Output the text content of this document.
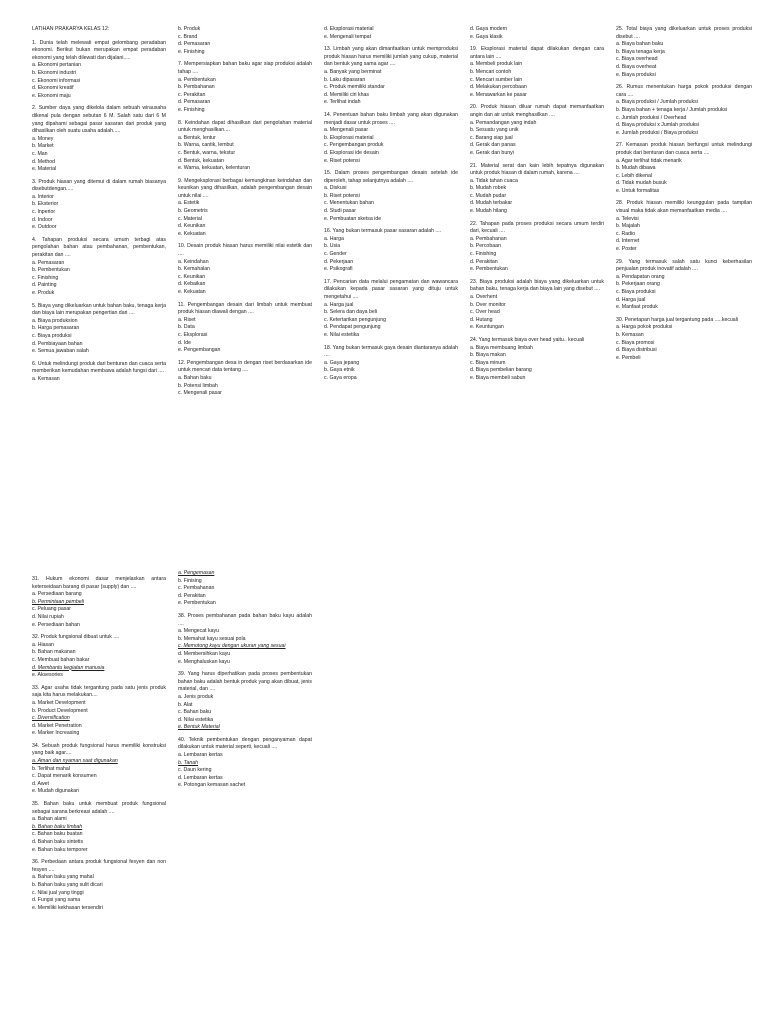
LATIHAN PRAKARYA KELAS 12:
1. Dunia telah melewati empat gelombang peradaban ekonomi. Berikut bukan merupakan empat peradaban ekonomi yang telah dilewati dan dijalani.....
a. Ekonomi pertanian
b. Ekonomi industri
c. Ekonomi informasi
d. Ekonomi kreatif
e. Ekonomi maju
2. Sumber daya yang dikelola dalam sebuah wirausaha dikenal pula dengan sebutan 6 M. Salah satu dari 6 M yang dipahami sebagai pasar sasaran dari produk yang dihasilkan oleh suatu usaha adalah.....
a. Money
b. Market
c. Man
d. Method
e. Material
3. Produk hiasan yang ditemui di dalam rumah biasanya disebutdengan.....
a. Interior
b. Eksterior
c. Inperior
d. Indoor
e. Outdoor
4. Tahapan produksi secara umum terbagi atas pengolahan bahan atau pembahanan, pembentukan, perakitan dan ....
a. Pemasaran
b. Pembentukan
c. Finishing
d. Painting
e. Produk
5. Biaya yang dikeluarkan untuk bahan baku, tenaga kerja dan biaya lain merupakan pengertian dari ....
a. Biaya produksion
b. Harga pemasaran
c. Biaya produksi
d. Pembiayaan bahan
e. Semua jawaban salah
6. Untuk melindungi produk dari benturan dan cuaca serta memberikan kemudahan membawa adalah fungsi dari ....
a. Kemasan
b. Produk
c. Brand
d. Pemasaran
e. Finishing
7. Mempersiapkan bahan baku agar siap produksi adalah tahap ....
a. Pembentukan
b. Pembahanan
c. Perakitan
d. Pemasaran
e. Finishing
8. Keindahan dapat dihasilkan dari pengolahan material untuk menghasilkan....
a. Bentuk, lentur
b. Warna, cantik, lembut
c. Bentuk, warna, tekstur
d. Bentuk, kekuatan
e. Warna, kekuatan, kelenturan
9. Mengeksplorasi berbagai kemungkinan keindahan dan keunikan yang dihasilkan, adalah pengembangan desain untuk nilai ....
a. Estetik
b. Geometris
c. Material
d. Keunikan
e. Kekuatan
10. Desain produk hiasan harus memiliki nilai estetik dan ....
a. Keindahan
b. Kemahalan
c. Keunikan
d. Kebaikan
e. Kekuatan
11. Pengembangan desain dari limbah untuk membuat produk hiasan diawali dengan ....
a. Riset
b. Data
c. Eksplorasi
d. Ide
e. Pengembangan
12. Pengembangan desa in dengan riset berdasarkan ide untuk mencari data tentang ....
a. Bahan baku
b. Potensi limbah
c. Mengenali pasar
d. Eksplorasi material
e. Mengenali tempat
13. Limbah yang akan dimanfaatkan untuk memproduksi produk hiasan harus memiliki jumlah yang cukup, material dan bentuk yang sama agar ....
a. Banyak yang berminat
b. Laku dipasaran
c. Produk memiliki standar
d. Memiliki ciri khas
e. Terlihat indah
14. Penentuan bahan baku limbah yang akan digunakan menjadi dasar untuk proses ....
a. Mengenali pasar
b. Eksplorasi material
c. Pengembangan produk
d. Eksplorasi ide desain
e. Riset potensi
15. Dalam proses pengembangan desain setelah ide diperoleh, tahap selanjutnya adalah ....
a. Diskusi
b. Riset potensi
c. Menentukan bahan
d. Studi pasar
e. Pembuatan sketsa ide
16. Yang bukan termasuk pasar sasaran adalah ....
a. Harga
b. Usia
c. Gender
d. Pekerjaan
e. Psikografi
17. Pencarian data melalui pengamatan dan wawancara dilakukan kepada pasar sasaran yang dituju untuk mengetahui ....
a. Harga jual
b. Selera dan daya beli
c. Ketertarikan pengunjung
d. Pendapat pengunjung
e. Nilai estetika
18. Yang bukan termasuk gaya desain diantaranya adalah ....
a. Gaya jepang
b. Gaya etnik
c. Gaya eropa
d. Gaya modern
e. Gaya klasik
19. Eksplorasi material dapat dilakukan dengan cara antara lain ....
a. Membeli produk lain
b. Mencari contoh
c. Mencari sumber lain
d. Melakukan percobaan
e. Menawarkan ke pasar
20. Produk hiasan diluar rumah dapat memanfaatkan angin dan air untuk menghasilkan ....
a. Pemandangan yang indah
b. Sesuatu yang unik
c. Barang siap jual
d. Gerak dan panas
e. Gerak dan bunyi
21. Material serat dan kain lebih tepatnya digunakan untuk produk hiasan di dalam rumah, karena ....
a. Tidak tahan cuaca
b. Mudah robek
c. Mudah pudar
d. Mudah terbakar
e. Mudah hilang
22. Tahapan pada proses produksi secara umum terdiri dari, kecuali ....
a. Pembahanan
b. Percobaan
c. Finishing
d. Perakitan
e. Pembentukan
23. Biaya produksi adalah biaya yang dikeluarkan untuk bahan baku, tenaga kerja dan biaya lain yang disebut ....
a. Overhent
b. Over monitor
c. Over head
d. Hutang
e. Keuntungan
24. Yang termasuk biaya over head yaitu.. kecuali
a. Biaya membuang limbah
b. Biaya makan
c. Biaya minum
d. Biaya pembelian barang
e. Biaya membeli sabun
25. Total biaya yang dikeluarkan untuk proses produksi disebut ....
a. Biaya bahan baku
b. Biaya tenaga kerja
c. Biaya overhead
d. Biaya overheat
e. Biaya produksi
26. Rumus menentukan harga pokok produksi dengan cara ....
a. Biaya produksi / Jumlah produksi
b. Biaya bahan + tenaga kerja / Jumlah produksi
c. Jumlah produksi / Overhead
d. Biaya produksi x Jumlah produksi
e. Jumlah produksi / Biaya produksi
27. Kemasan produk hiasan berfungsi untuk melindungi produk dari benturan dan cuaca serta ....
a. Agar terlihat tidak menarik
b. Mudah dibawa
c. Lebih dikenal
d. Tidak mudah busuk
e. Untuk formalitas
28. Produk hiasan memiliki keunggulan pada tampilan visual maka tidak akan memanfaatkan media ....
a. Televisi
b. Majalah
c. Radio
d. Internet
e. Poster
29. Yang termasuk salah satu kunci keberhasilan penjualan produk inovatif adalah ....
a. Pendapatan orang
b. Pekerjaan orang
c. Biaya produksi
d. Harga jual
e. Manfaat produk
30. Penetapan harga jual tergantung pada .....kecuali
a. Harga pokok produksi
b. Kemasan
c. Biaya promosi
d. Biaya distribusi
e. Pembeli
31. Hukum ekonomi dasar menjelaskan antara keterseidaan barang di pasar (supply) dan ....
a. Persediaan barang
b. Permintaan pembeli
c. Peluang pasar
d. Nilai rupiah
e. Persediaan bahan
32. Produk fungsional dibuat untuk ....
a. Hiasan
b. Bahan makanan
c. Membuat bahan bakar
d. Membantu kegiatan manusia
e. Aksesories
33. Agar usaha tidak tergantung pada satu jenis produk saja kita harus melakukan....
a. Market Development
b. Product Development
c. Diversification
d. Market Penetration
e. Marker Increasing
34. Sebuah produk fungsional harus memiliki konstruksi yang baik agar....
a. Aman dan nyaman saat digunakan
b. Terlihat mahal
c. Dapat menarik konsumen
d. Awet
e. Mudah digunakan
35. Bahan baku untuk membuat produk fungsional sebagai sarana berkreasi adalah ....
a. Bahan alami
b. Bahan baku limbah
c. Bahan baku buatan
d. Bahan baku sintetis
e. Bahan baku temporer
36. Perbedaan antara produk fungsional fesyen dan non fesyen ....
a. Bahan baku yang mahal
b. Bahan baku yang sulit dicari
c. Nilai jual yang tinggi
d. Fungsi yang sama
e. Memiliki kekhasan tersendiri
a. Pengemasan
b. Finising
c. Pembahanan
d. Perakitan
e. Pembentukan
38. Proses pembahanan pada bahan baku kayu adalah ....
a. Mengecat kayu
b. Memahat kayu sesuai pola
c. Memotong kayu dengan ukuran yang sesuai
d. Membersihkan kayu
e. Menghaluskan kayu
39. Yang harus diperhatikan pada proses pembentukan bahan baku adalah bentuk produk yang akan dibuat, jenis material, dan ....
a. Jenis produk
b. Alat
c. Bahan baku
d. Nilai estetika
e. Bentuk Material
40. Teknik pembentukan dengan penganyaman dapat dilakukan untuk material seperti, kecuali ....
a. Lembaran kertas
b. Tanah
c. Daun kering
d. Lembaran kertas
e. Potongan kemasan sachet
